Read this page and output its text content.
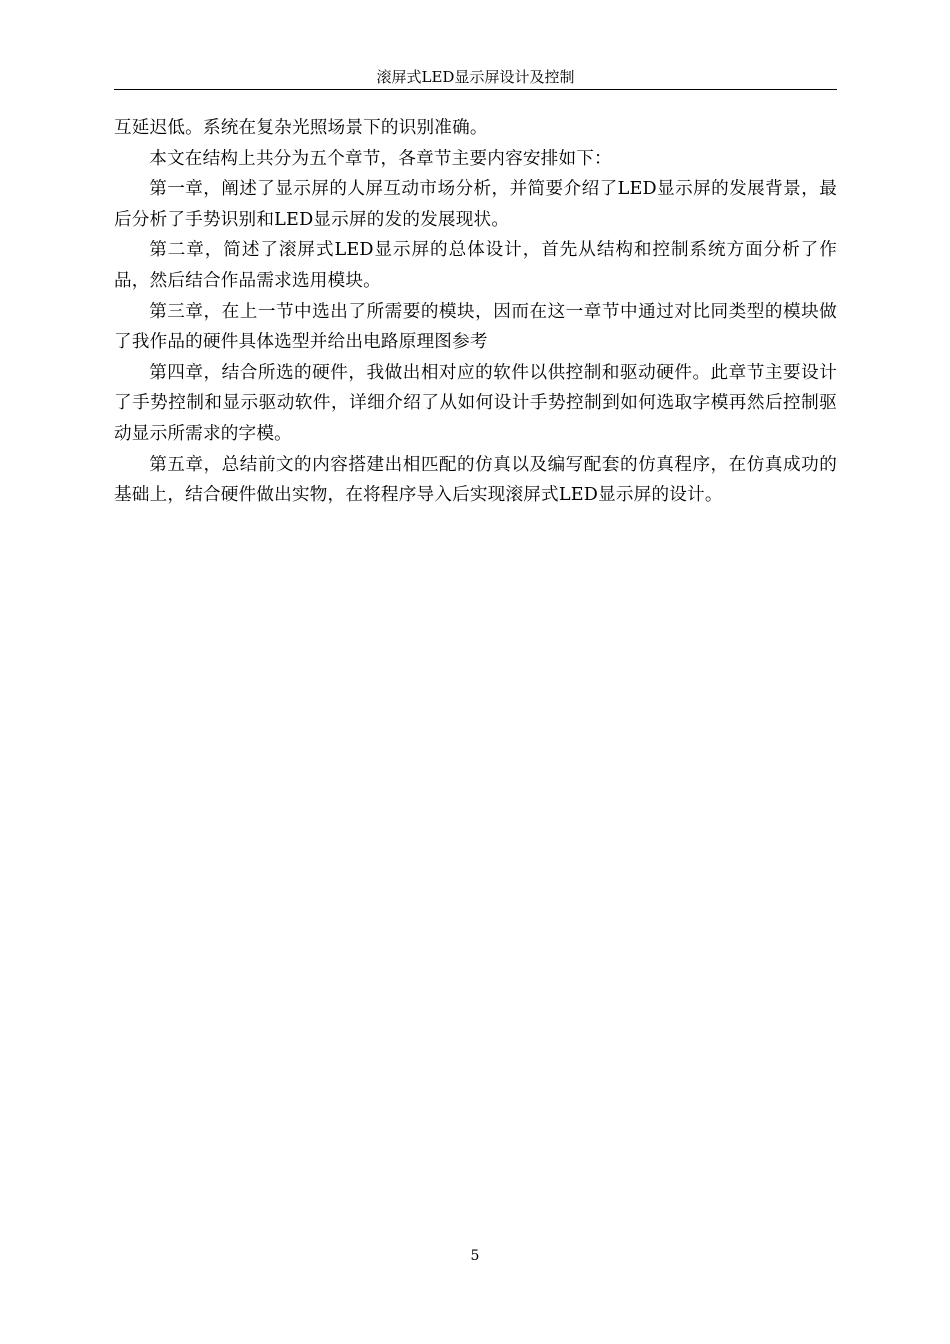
滚屏式LED显示屏设计及控制

互延迟低。系统在复杂光照场景下的识别准确。

本文在结构上共分为五个章节，各章节主要内容安排如下：

第一章，阐述了显示屏的人屏互动市场分析，并简要介绍了LED显示屏的发展背景，最后分析了手势识别和LED显示屏的发的发展现状。

第二章，简述了滚屏式LED显示屏的总体设计，首先从结构和控制系统方面分析了作品，然后结合作品需求选用模块。

第三章，在上一节中选出了所需要的模块，因而在这一章节中通过对比同类型的模块做了我作品的硬件具体选型并给出电路原理图参考

第四章，结合所选的硬件，我做出相对应的软件以供控制和驱动硬件。此章节主要设计了手势控制和显示驱动软件，详细介绍了从如何设计手势控制到如何选取字模再然后控制驱动显示所需求的字模。

第五章，总结前文的内容搭建出相匹配的仿真以及编写配套的仿真程序，在仿真成功的基础上，结合硬件做出实物，在将程序导入后实现滚屏式LED显示屏的设计。

5
